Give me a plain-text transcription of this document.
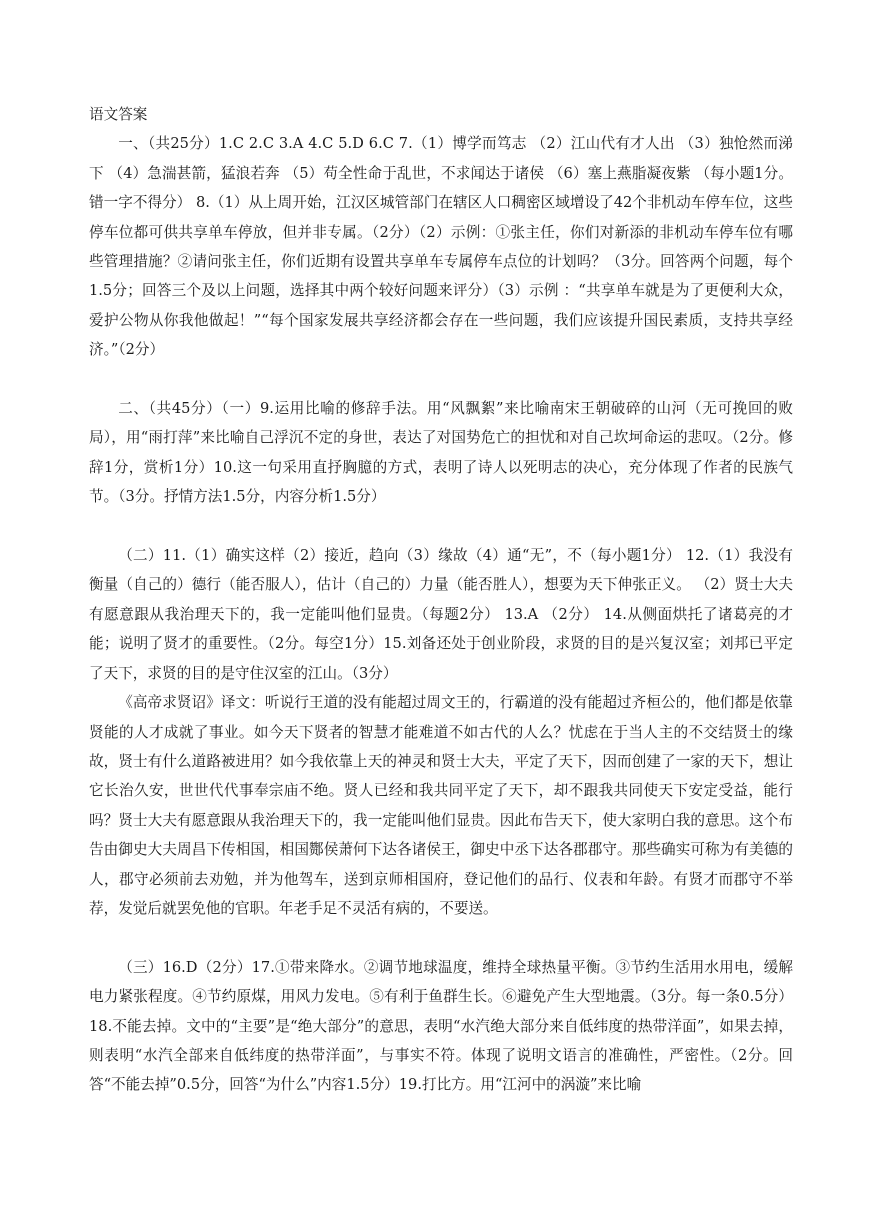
语文答案

一、（共25分）1.C 2.C 3.A 4.C 5.D 6.C 7.（1）博学而笃志 （2）江山代有才人出 （3）独怆然而涕下 （4）急湍甚箭，猛浪若奔 （5）苟全性命于乱世，不求闻达于诸侯 （6）塞上燕脂凝夜紫 （每小题1分。错一字不得分） 8.（1）从上周开始，江汉区城管部门在辖区人口稠密区域增设了42个非机动车停车位，这些停车位都可供共享单车停放，但并非专属。（2分）（2）示例：①张主任，你们对新添的非机动车停车位有哪些管理措施？②请问张主任，你们近期有设置共享单车专属停车点位的计划吗？（3分。回答两个问题，每个1.5分；回答三个及以上问题，选择其中两个较好问题来评分）（3）示例 ：“共享单车就是为了更便利大众，爱护公物从你我他做起！”“每个国家发展共享经济都会存在一些问题，我们应该提升国民素质，支持共享经济。”（2分）

二、（共45分）（一）9.运用比喻的修辞手法。用“风飘絮”来比喻南宋王朝破碎的山河（无可挽回的败局），用“雨打萍”来比喻自己浮沉不定的身世，表达了对国势危亡的担忧和对自己坎坷命运的悲叹。（2分。修辞1分，赏析1分）10.这一句采用直抒胸臆的方式，表明了诗人以死明志的决心，充分体现了作者的民族气节。（3分。抒情方法1.5分，内容分析1.5分）

（二）11.（1）确实这样（2）接近，趋向（3）缘故（4）通“无”，不（每小题1分） 12.（1）我没有衡量（自己的）德行（能否服人），估计（自己的）力量（能否胜人），想要为天下伸张正义。 （2）贤士大夫有愿意跟从我治理天下的，我一定能叫他们显贵。（每题2分） 13.A （2分） 14.从侧面烘托了诸葛亮的才能；说明了贤才的重要性。（2分。每空1分）15.刘备还处于创业阶段，求贤的目的是兴复汉室；刘邦已平定了天下，求贤的目的是守住汉室的江山。（3分）

《高帝求贤诏》译文：听说行王道的没有能超过周文王的，行霸道的没有能超过齐桓公的，他们都是依靠贤能的人才成就了事业。如今天下贤者的智慧才能难道不如古代的人么？忧虑在于当人主的不交结贤士的缘故，贤士有什么道路被进用？如今我依靠上天的神灵和贤士大夫，平定了天下，因而创建了一家的天下，想让它长治久安，世世代代事奉宗庙不绝。贤人已经和我共同平定了天下，却不跟我共同使天下安定受益，能行吗？贤士大夫有愿意跟从我治理天下的，我一定能叫他们显贵。因此布告天下，使大家明白我的意思。这个布告由御史大夫周昌下传相国，相国酂侯萧何下达各诸侯王，御史中丞下达各郡郡守。那些确实可称为有美德的人，郡守必须前去劝勉，并为他驾车，送到京师相国府，登记他们的品行、仪表和年龄。有贤才而郡守不举荐，发觉后就罢免他的官职。年老手足不灵活有病的，不要送。

（三）16.D（2分）17.①带来降水。②调节地球温度，维持全球热量平衡。③节约生活用水用电，缓解电力紧张程度。④节约原煤，用风力发电。⑤有利于鱼群生长。⑥避免产生大型地震。（3分。每一条0.5分）18.不能去掉。文中的“主要”是“绝大部分”的意思，表明“水汽绝大部分来自低纬度的热带洋面”，如果去掉，则表明“水汽全部来自低纬度的热带洋面”，与事实不符。体现了说明文语言的准确性，严密性。（2分。回答“不能去掉”0.5分，回答“为什么”内容1.5分）19.打比方。用“江河中的涡漩”来比喻
